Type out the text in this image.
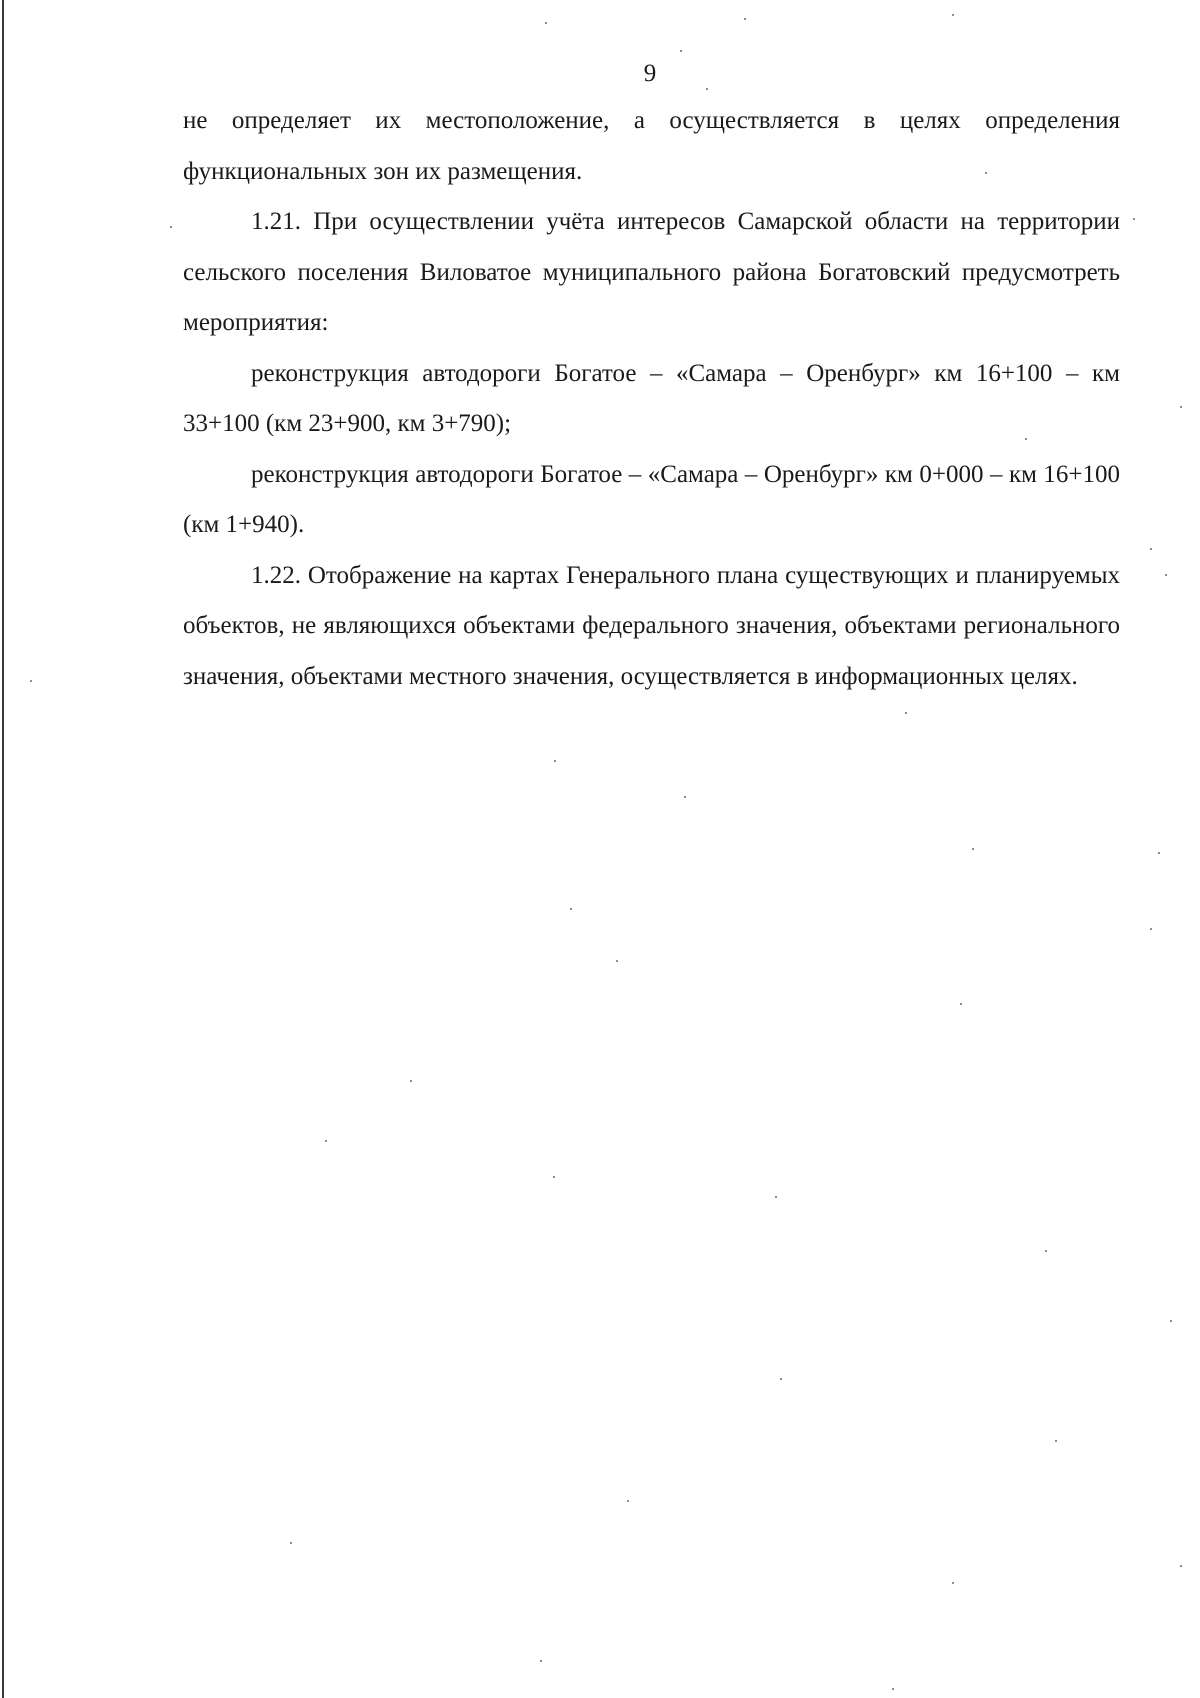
9

не определяет их местоположение, а осуществляется в целях определения функциональных зон их размещения.

1.21. При осуществлении учёта интересов Самарской области на территории сельского поселения Виловатое муниципального района Богатовский предусмотреть мероприятия:

реконструкция автодороги Богатое – «Самара – Оренбург» км 16+100 – км 33+100 (км 23+900, км 3+790);

реконструкция автодороги Богатое – «Самара – Оренбург» км 0+000 – км 16+100 (км 1+940).

1.22. Отображение на картах Генерального плана существующих и планируемых объектов, не являющихся объектами федерального значения, объектами регионального значения, объектами местного значения, осуществляется в информационных целях.
